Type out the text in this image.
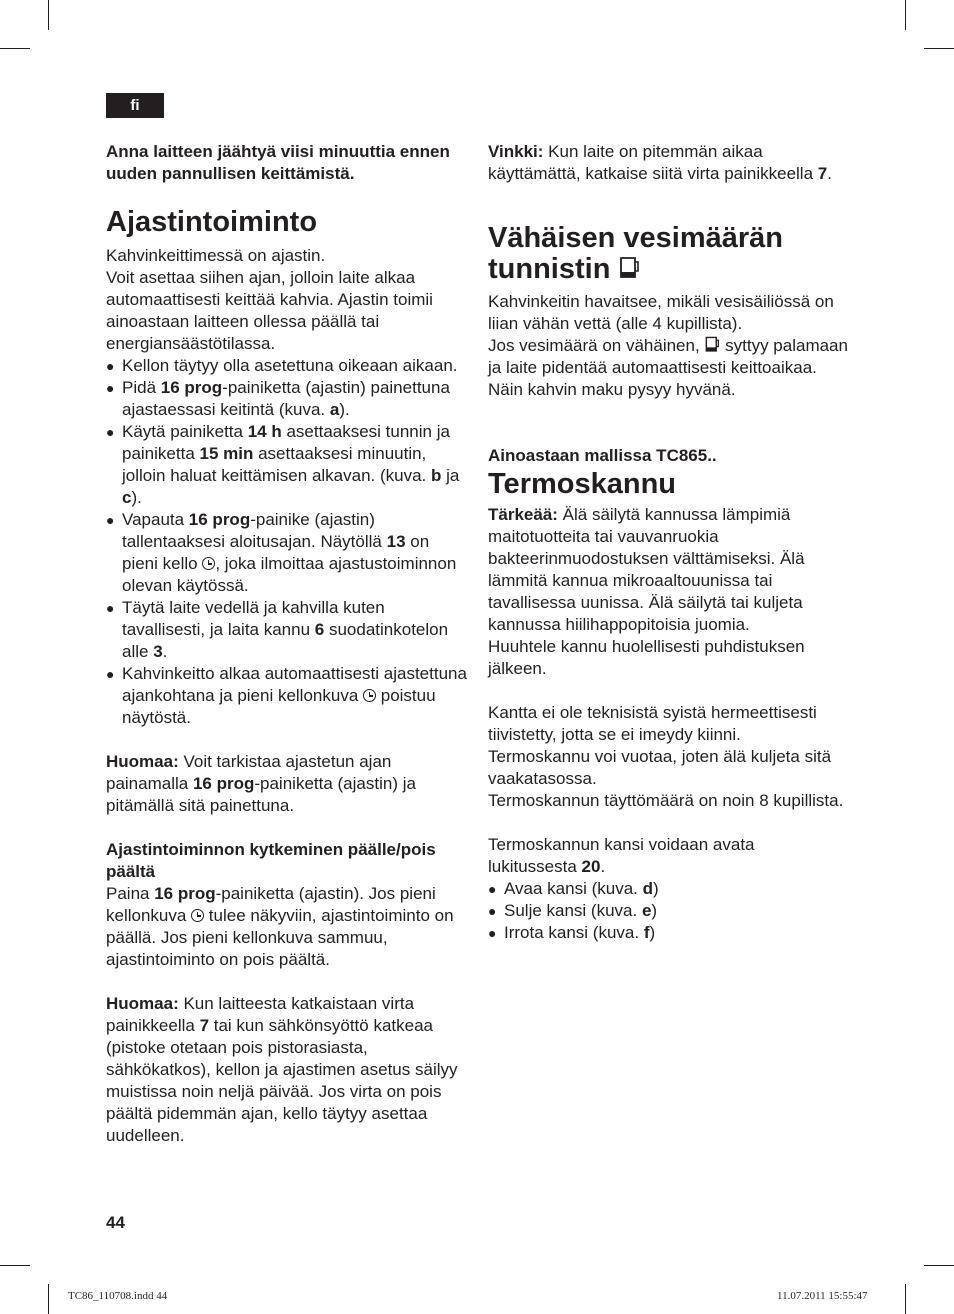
fi

Anna laitteen jäähtyä viisi minuuttia ennen uuden pannullisen keittämistä.

Ajastintoiminto

Kahvinkeittimessä on ajastin.

Voit asettaa siihen ajan, jolloin laite alkaa automaattisesti keittää kahvia. Ajastin toimii ainoastaan laitteen ollessa päällä tai energiansäästötilassa.

● Kellon täytyy olla asetettuna oikeaan aikaan.
● Pidä 16 prog-painiketta (ajastin) painettuna ajastaessasi keitintä (kuva. a).
● Käytä painiketta 14 h asettaaksesi tunnin ja painiketta 15 min asettaaksesi minuutin, jolloin haluat keittämisen alkavan. (kuva. b ja c).
● Vapauta 16 prog-painike (ajastin) tallentaaksesi aloitusajan. Näytöllä 13 on pieni kello , joka ilmoittaa ajastustoiminnon olevan käytössä.
● Täytä laite vedellä ja kahvilla kuten tavallisesti, ja laita kannu 6 suodatinkotelon alle 3.
● Kahvinkeitto alkaa automaattisesti ajastettuna ajankohtana ja pieni kellonkuva  poistuu näytöstä.

Huomaa: Voit tarkistaa ajastetun ajan painamalla 16 prog-painiketta (ajastin) ja pitämällä sitä painettuna.

Ajastintoiminnon kytkeminen päälle/pois päältä

Paina 16 prog-painiketta (ajastin). Jos pieni kellonkuva  tulee näkyviin, ajastintoiminto on päällä. Jos pieni kellonkuva sammuu, ajastintoiminto on pois päältä.

Huomaa: Kun laitteesta katkaistaan virta painikkeella 7 tai kun sähkönsyöttö katkeaa (pistoke otetaan pois pistorasiasta, sähkökatkos), kellon ja ajastimen asetus säilyy muistissa noin neljä päivää. Jos virta on pois päältä pidemmän ajan, kello täytyy asettaa uudelleen.

Vinkki: Kun laite on pitemmän aikaa käyttämättä, katkaise siitä virta painikkeella 7.

Vähäisen vesimäärän
tunnistin

Kahvinkeitin havaitsee, mikäli vesisäiliössä on liian vähän vettä (alle 4 kupillista).

Jos vesimäärä on vähäinen,  syttyy palamaan ja laite pidentää automaattisesti keittoaikaa. Näin kahvin maku pysyy hyvänä.

Ainoastaan mallissa TC865..
Termoskannu

Tärkeää: Älä säilytä kannussa lämpimiä maitotuotteita tai vauvanruokia bakteerinmuodostuksen välttämiseksi. Älä lämmitä kannua mikroaaltouunissa tai tavallisessa uunissa. Älä säilytä tai kuljeta kannussa hiilihappopitoisia juomia.

Huuhtele kannu huolellisesti puhdistuksen jälkeen.

Kantta ei ole teknisistä syistä hermeettisesti tiivistetty, jotta se ei imeydy kiinni.

Termoskannu voi vuotaa, joten älä kuljeta sitä vaakatasossa.

Termoskannun täyttömäärä on noin 8 kupillista.

Termoskannun kansi voidaan avata lukitussesta 20.

● Avaa kansi (kuva. d)
● Sulje kansi (kuva. e)
● Irrota kansi (kuva. f)
44
TC86_110708.indd 44	11.07.2011 15:55:47
